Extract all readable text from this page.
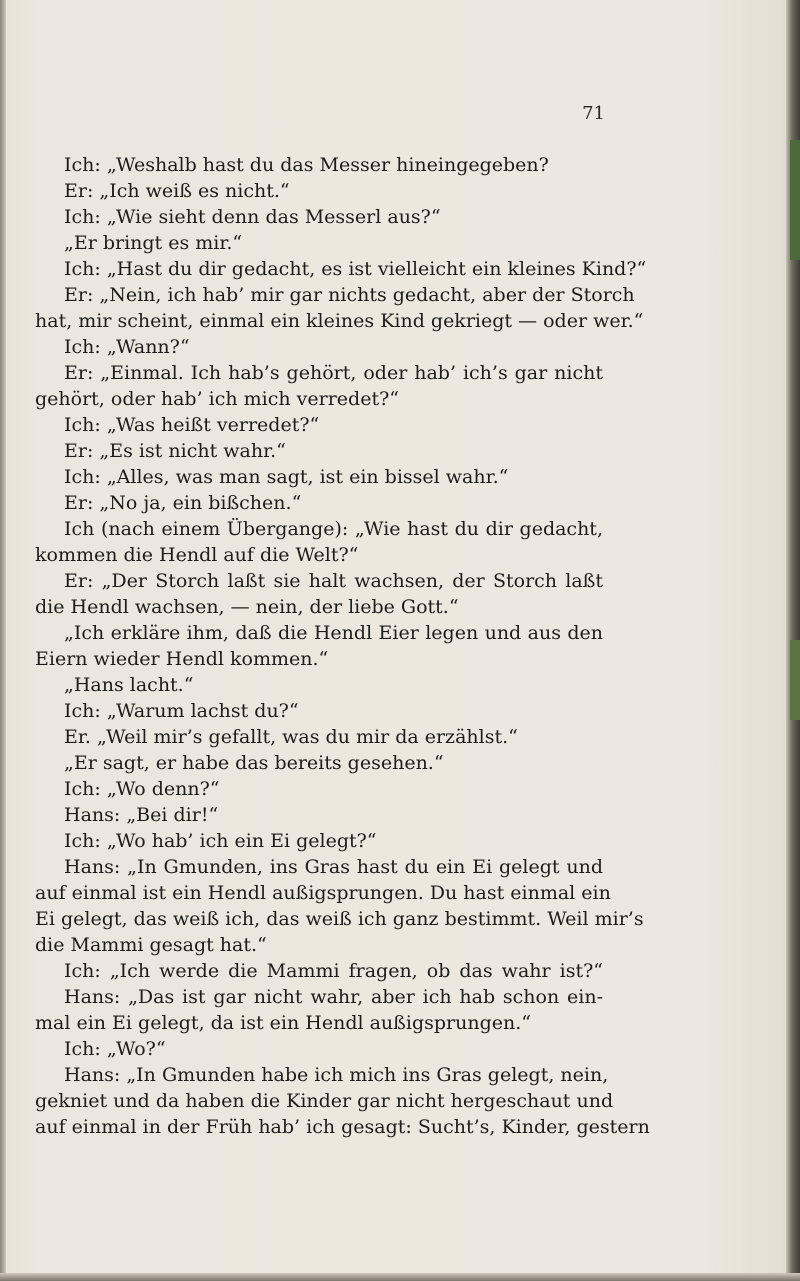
71
Ich: „Weshalb hast du das Messer hineingegeben?
Er: „Ich weiß es nicht.“
Ich: „Wie sieht denn das Messerl aus?“
„Er bringt es mir.“
Ich: „Hast du dir gedacht, es ist vielleicht ein kleines Kind?“
Er: „Nein, ich hab’ mir gar nichts gedacht, aber der Storch
hat, mir scheint, einmal ein kleines Kind gekriegt — oder wer.“
Ich: „Wann?“
Er: „Einmal. Ich hab’s gehört, oder hab’ ich’s gar nicht
gehört, oder hab’ ich mich verredet?“
Ich: „Was heißt verredet?“
Er: „Es ist nicht wahr.“
Ich: „Alles, was man sagt, ist ein bissel wahr.“
Er: „No ja, ein bißchen.“
Ich (nach einem Übergange): „Wie hast du dir gedacht,
kommen die Hendl auf die Welt?“
Er: „Der Storch laßt sie halt wachsen, der Storch laßt
die Hendl wachsen, — nein, der liebe Gott.“
„Ich erkläre ihm, daß die Hendl Eier legen und aus den
Eiern wieder Hendl kommen.“
„Hans lacht.“
Ich: „Warum lachst du?“
Er. „Weil mir’s gefallt, was du mir da erzählst.“
„Er sagt, er habe das bereits gesehen.“
Ich: „Wo denn?“
Hans: „Bei dir!“
Ich: „Wo hab’ ich ein Ei gelegt?“
Hans: „In Gmunden, ins Gras hast du ein Ei gelegt und
auf einmal ist ein Hendl außigsprungen. Du hast einmal ein
Ei gelegt, das weiß ich, das weiß ich ganz bestimmt. Weil mir’s
die Mammi gesagt hat.“
Ich: „Ich werde die Mammi fragen, ob das wahr ist?“
Hans: „Das ist gar nicht wahr, aber ich hab schon ein-
mal ein Ei gelegt, da ist ein Hendl außigsprungen.“
Ich: „Wo?“
Hans: „In Gmunden habe ich mich ins Gras gelegt, nein,
gekniet und da haben die Kinder gar nicht hergeschaut und
auf einmal in der Früh hab’ ich gesagt: Sucht’s, Kinder, gestern
